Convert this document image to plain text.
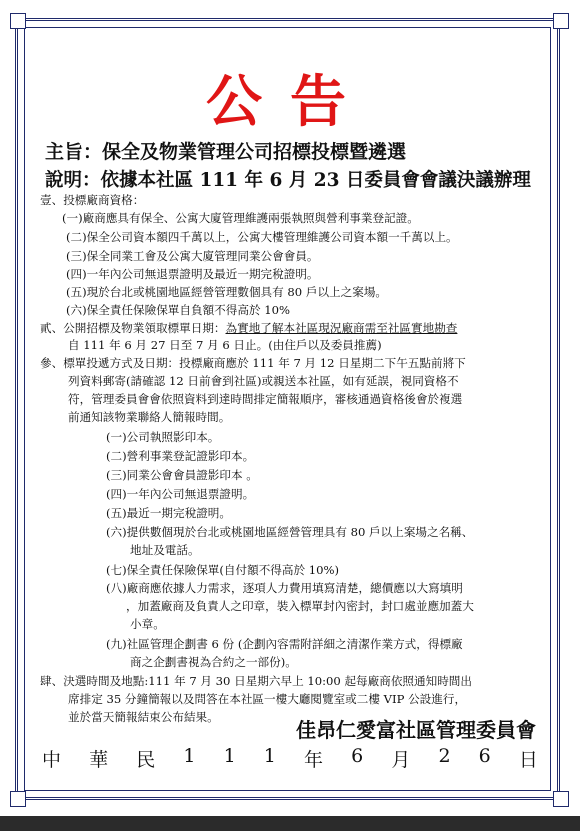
公告
主旨：保全及物業管理公司招標投標暨遴選
說明：依據本社區 111 年 6 月 23 日委員會會議決議辦理
壹、投標廠商資格：
(一)廠商應具有保全、公寓大廈管理維護兩張執照與營利事業登記證。
(二)保全公司資本額四千萬以上，公寓大樓管理維護公司資本額一千萬以上。
(三)保全同業工會及公寓大廈管理同業公會會員。
(四)一年內公司無退票證明及最近一期完稅證明。
(五)現於台北或桃園地區經營管理數個具有 80 戶以上之案場。
(六)保全責任保險保單自負額不得高於 10%
貳、公開招標及物業領取標單日期：為實地了解本社區現況廠商需至社區實地勘查
自 111 年 6 月 27 日至 7 月 6 日止。(由住戶以及委員推薦)
參、標單投遞方式及日期：投標廠商應於 111 年 7 月 12 日星期二下午五點前將下
列資料郵寄(請確認 12 日前會到社區)或親送本社區，如有延誤，視同資格不
符，管理委員會會依照資料到達時間排定簡報順序，審核通過資格後會於複選
前通知該物業聯絡人簡報時間。
(一)公司執照影印本。
(二)營利事業登記證影印本。
(三)同業公會會員證影印本 。
(四)一年內公司無退票證明。
(五)最近一期完稅證明。
(六)提供數個現於台北或桃園地區經營管理具有 80 戶以上案場之名稱、
地址及電話。
(七)保全責任保險保單(自付額不得高於 10%)
(八)廠商應依據人力需求，逐項人力費用填寫清楚，總價應以大寫填明
，加蓋廠商及負責人之印章，裝入標單封內密封，封口處並應加蓋大
小章。
(九)社區管理企劃書 6 份 (企劃內容需附詳細之清潔作業方式，得標廠
商之企劃書視為合約之一部份)。
肆、決選時間及地點:111 年 7 月 30 日星期六早上 10:00 起每廠商依照通知時間出
席排定 35 分鐘簡報以及問答在本社區一樓大廳閱覽室或二樓 VIP 公設進行，
並於當天簡報結束公布結果。
佳昂仁愛富社區管理委員會
中 華 民 1 1 1 年 6 月 2 6 日
